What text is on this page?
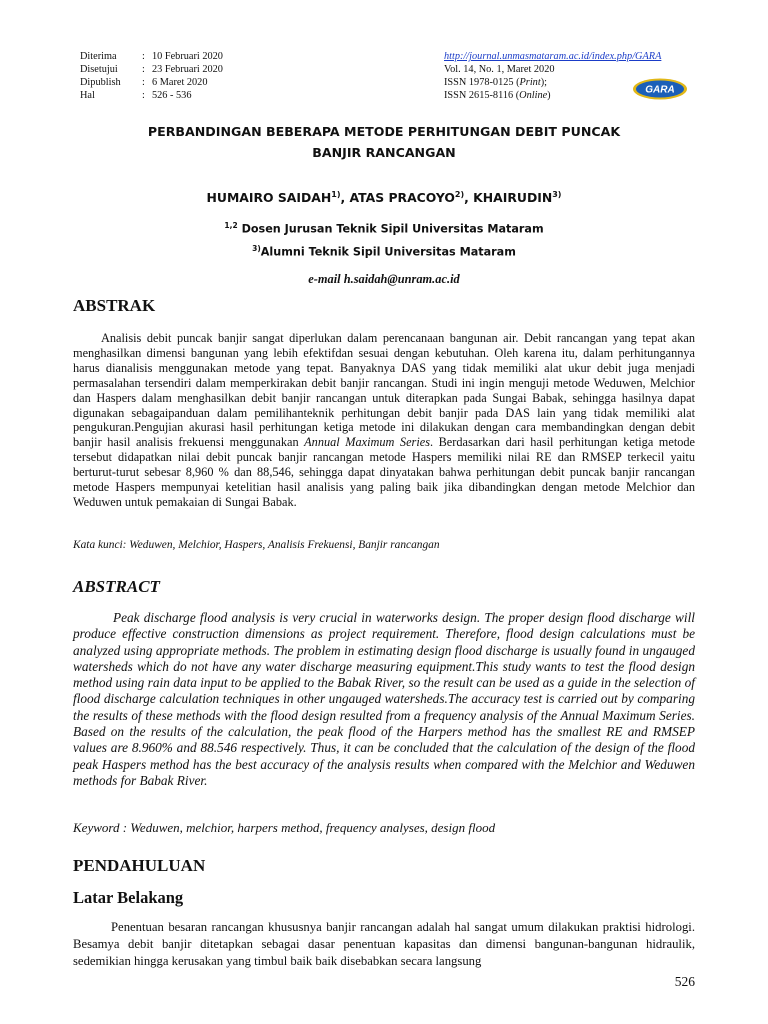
Diterima	: 10 Februari 2020
Disetujui	: 23 Februari 2020
Dipublish	: 6 Maret 2020
Hal	: 526 - 536
http://journal.unmasmataram.ac.id/index.php/GARA
Vol. 14, No. 1, Maret 2020
ISSN 1978-0125 (Print);
ISSN 2615-8116 (Online)	GARA
PERBANDINGAN BEBERAPA METODE PERHITUNGAN DEBIT PUNCAK
BANJIR RANCANGAN
HUMAIRO SAIDAH$^{1)}$, ATAS PRACOYO$^{2)}$, KHAIRUDIN$^{3)}$
$^{1,2}$ Dosen Jurusan Teknik Sipil Universitas Mataram
$^{3)}$Alumni Teknik Sipil Universitas Mataram
e-mail h.saidah@unram.ac.id
ABSTRAK

Analisis debit puncak banjir sangat diperlukan dalam perencanaan bangunan air. Debit rancangan yang tepat akan menghasilkan dimensi bangunan yang lebih efektifdan sesuai dengan kebutuhan. Oleh karena itu, dalam perhitungannya harus dianalisis menggunakan metode yang tepat. Banyaknya DAS yang tidak memiliki alat ukur debit juga menjadi permasalahan tersendiri dalam memperkirakan debit banjir rancangan. Studi ini ingin menguji metode Weduwen, Melchior dan Haspers dalam menghasilkan debit banjir rancangan untuk diterapkan pada Sungai Babak, sehingga hasilnya dapat digunakan sebagaipanduan dalam pemilihanteknik perhitungan debit banjir pada DAS lain yang tidak memiliki alat pengukuran.Pengujian akurasi hasil perhitungan ketiga metode ini dilakukan dengan cara membandingkan dengan debit banjir hasil analisis frekuensi menggunakan Annual Maximum Series. Berdasarkan dari hasil perhitungan ketiga metode tersebut didapatkan nilai debit puncak banjir rancangan metode Haspers memiliki nilai RE dan RMSEP terkecil yaitu berturut-turut sebesar 8,960 % dan 88,546, sehingga dapat dinyatakan bahwa perhitungan debit puncak banjir rancangan metode Haspers mempunyai ketelitian hasil analisis yang paling baik jika dibandingkan dengan metode Melchior dan Weduwen untuk pemakaian di Sungai Babak.

Kata kunci: Weduwen, Melchior, Haspers, Analisis Frekuensi, Banjir rancangan
ABSTRACT

Peak discharge flood analysis is very crucial in waterworks design. The proper design flood discharge will produce effective construction dimensions as project requirement. Therefore, flood design calculations must be analyzed using appropriate methods. The problem in estimating design flood discharge is usually found in ungauged watersheds which do not have any water discharge measuring equipment.This study wants to test the flood design method using rain data input to be applied to the Babak River, so the result can be used as a guide in the selection of flood discharge calculation techniques in other ungauged watersheds.The accuracy test is carried out by comparing the results of these methods with the flood design resulted from a frequency analysis of the Annual Maximum Series. Based on the results of the calculation, the peak flood of the Harpers method has the smallest RE and RMSEP values are 8.960% and 88.546 respectively. Thus, it can be concluded that the calculation of the design of the flood peak Haspers method has the best accuracy of the analysis results when compared with the Melchior and Weduwen methods for Babak River.

Keyword : Weduwen, melchior, harpers method, frequency analyses, design flood
PENDAHULUAN
Latar Belakang

Penentuan besaran rancangan khususnya banjir rancangan adalah hal sangat umum dilakukan praktisi hidrologi. Besamya debit banjir ditetapkan sebagai dasar penentuan kapasitas dan dimensi bangunan-bangunan hidraulik, sedemikian hingga kerusakan yang timbul baik baik disebabkan secara langsung

526
